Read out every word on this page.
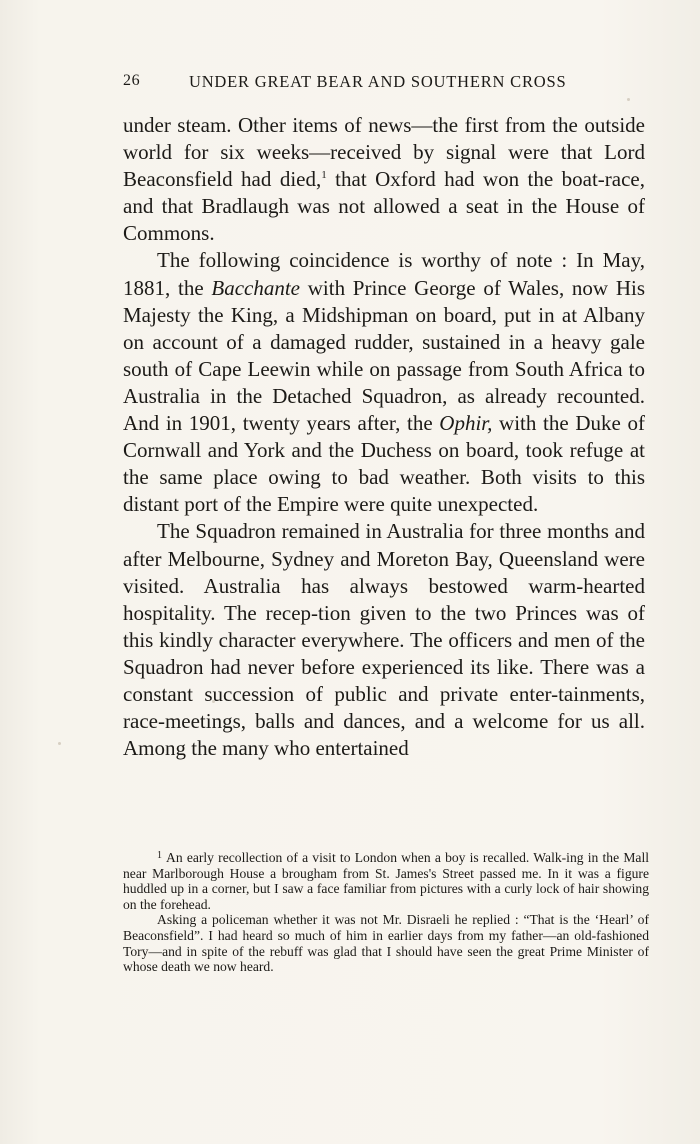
26	UNDER GREAT BEAR AND SOUTHERN CROSS

under steam. Other items of news—the first from the outside world for six weeks—received by signal were that Lord Beaconsfield had died,$^1$ that Oxford had won the boat-race, and that Bradlaugh was not allowed a seat in the House of Commons.

The following coincidence is worthy of note : In May, 1881, the Bacchante with Prince George of Wales, now His Majesty the King, a Midshipman on board, put in at Albany on account of a damaged rudder, sustained in a heavy gale south of Cape Leewin while on passage from South Africa to Australia in the Detached Squadron, as already recounted. And in 1901, twenty years after, the Ophir, with the Duke of Cornwall and York and the Duchess on board, took refuge at the same place owing to bad weather. Both visits to this distant port of the Empire were quite unexpected.

The Squadron remained in Australia for three months and after Melbourne, Sydney and Moreton Bay, Queensland were visited. Australia has always bestowed warm-hearted hospitality. The recep-tion given to the two Princes was of this kindly character everywhere. The officers and men of the Squadron had never before experienced its like. There was a constant succession of public and private enter-tainments, race-meetings, balls and dances, and a welcome for us all. Among the many who entertained

$^1$ An early recollection of a visit to London when a boy is recalled. Walk-ing in the Mall near Marlborough House a brougham from St. James's Street passed me. In it was a figure huddled up in a corner, but I saw a face familiar from pictures with a curly lock of hair showing on the forehead.

Asking a policeman whether it was not Mr. Disraeli he replied : “That is the ‘Hearl’ of Beaconsfield”. I had heard so much of him in earlier days from my father—an old-fashioned Tory—and in spite of the rebuff was glad that I should have seen the great Prime Minister of whose death we now heard.
